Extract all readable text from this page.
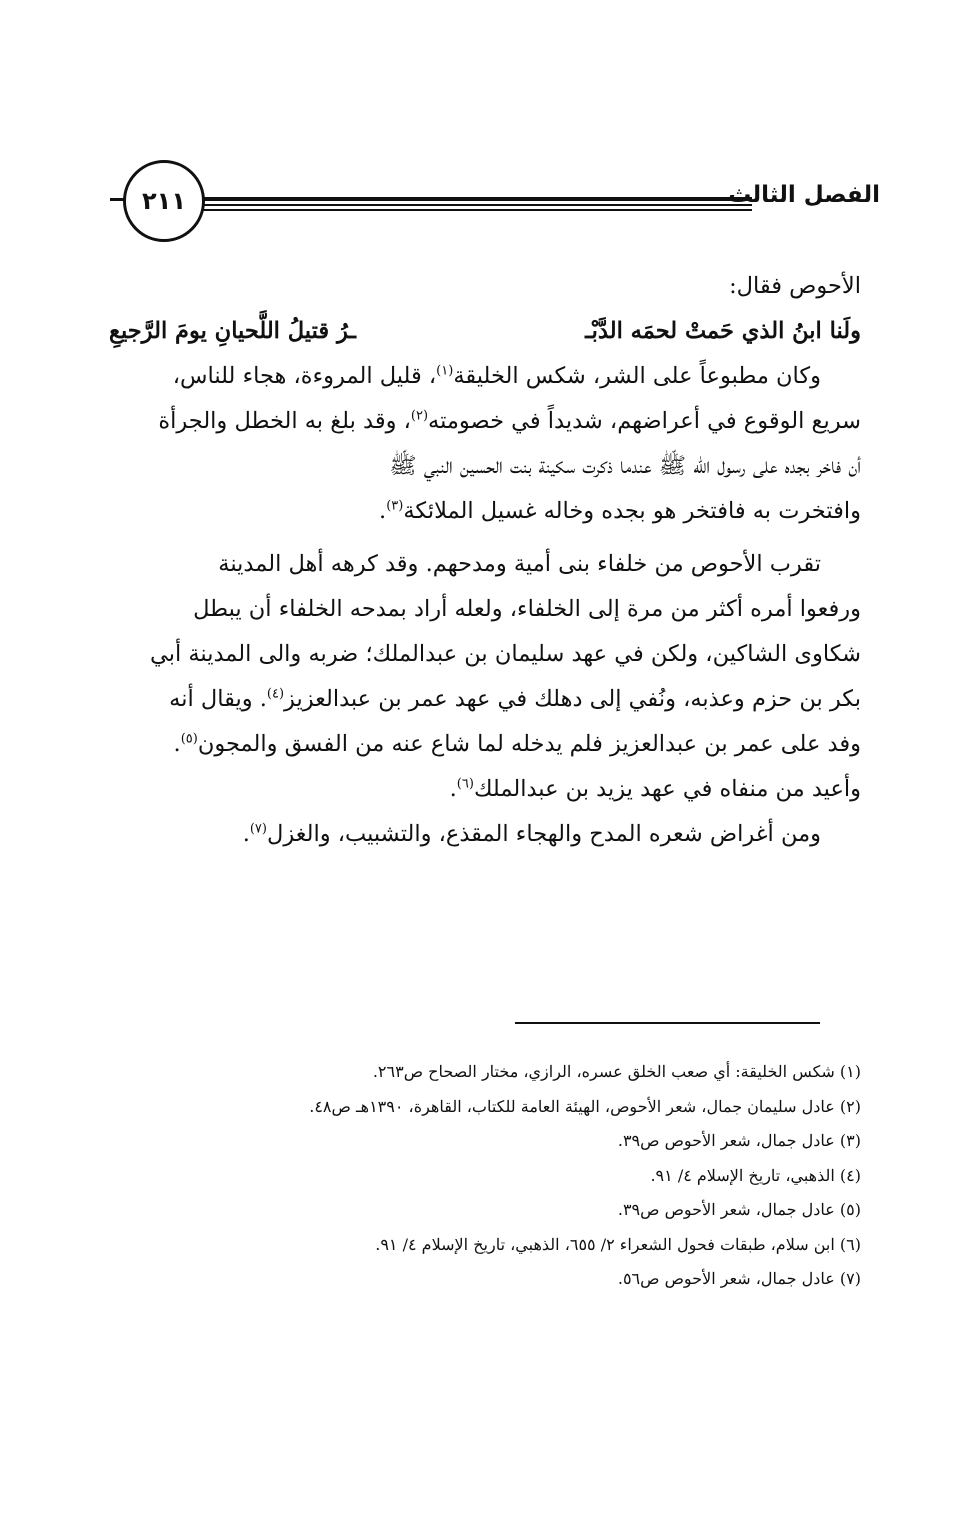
الفصل الثالث
٢١١
الأحوص فقال:
ولَنا ابنُ الذي حَمتْ لحمَه الدَّبْـ
ـرُ قتيلُ اللَّحيانِ يومَ الرَّجيعِ
وكان مطبوعاً على الشر، شكس الخليقة$^{(١)}$، قليل المروءة، هجاء للناس،
سريع الوقوع في أعراضهم، شديداً في خصومته$^{(٢)}$، وقد بلغ به الخطل والجرأة
أن فاخر بجده على رسول الله ﷺ عندما ذكرت سكينة بنت الحسين النبي ﷺ
وافتخرت به فافتخر هو بجده وخاله غسيل الملائكة$^{(٣)}$.
تقرب الأحوص من خلفاء بنى أمية ومدحهم. وقد كرهه أهل المدينة
ورفعوا أمره أكثر من مرة إلى الخلفاء، ولعله أراد بمدحه الخلفاء أن يبطل
شكاوى الشاكين، ولكن في عهد سليمان بن عبدالملك؛ ضربه والى المدينة أبي
بكر بن حزم وعذبه، ونُفي إلى دهلك في عهد عمر بن عبدالعزيز$^{(٤)}$. ويقال أنه
وفد على عمر بن عبدالعزيز فلم يدخله لما شاع عنه من الفسق والمجون$^{(٥)}$.
وأعيد من منفاه في عهد يزيد بن عبدالملك$^{(٦)}$.
ومن أغراض شعره المدح والهجاء المقذع، والتشبيب، والغزل$^{(٧)}$.
(١) شكس الخليقة: أي صعب الخلق عسره، الرازي، مختار الصحاح ص٢٦٣.
(٢) عادل سليمان جمال، شعر الأحوص، الهيئة العامة للكتاب، القاهرة، ١٣٩٠هـ ص٤٨.
(٣) عادل جمال، شعر الأحوص ص٣٩.
(٤) الذهبي، تاريخ الإسلام ٤/ ٩١.
(٥) عادل جمال، شعر الأحوص ص٣٩.
(٦) ابن سلام، طبقات فحول الشعراء ٢/ ٦٥٥، الذهبي، تاريخ الإسلام ٤/ ٩١.
(٧) عادل جمال، شعر الأحوص ص٥٦.
